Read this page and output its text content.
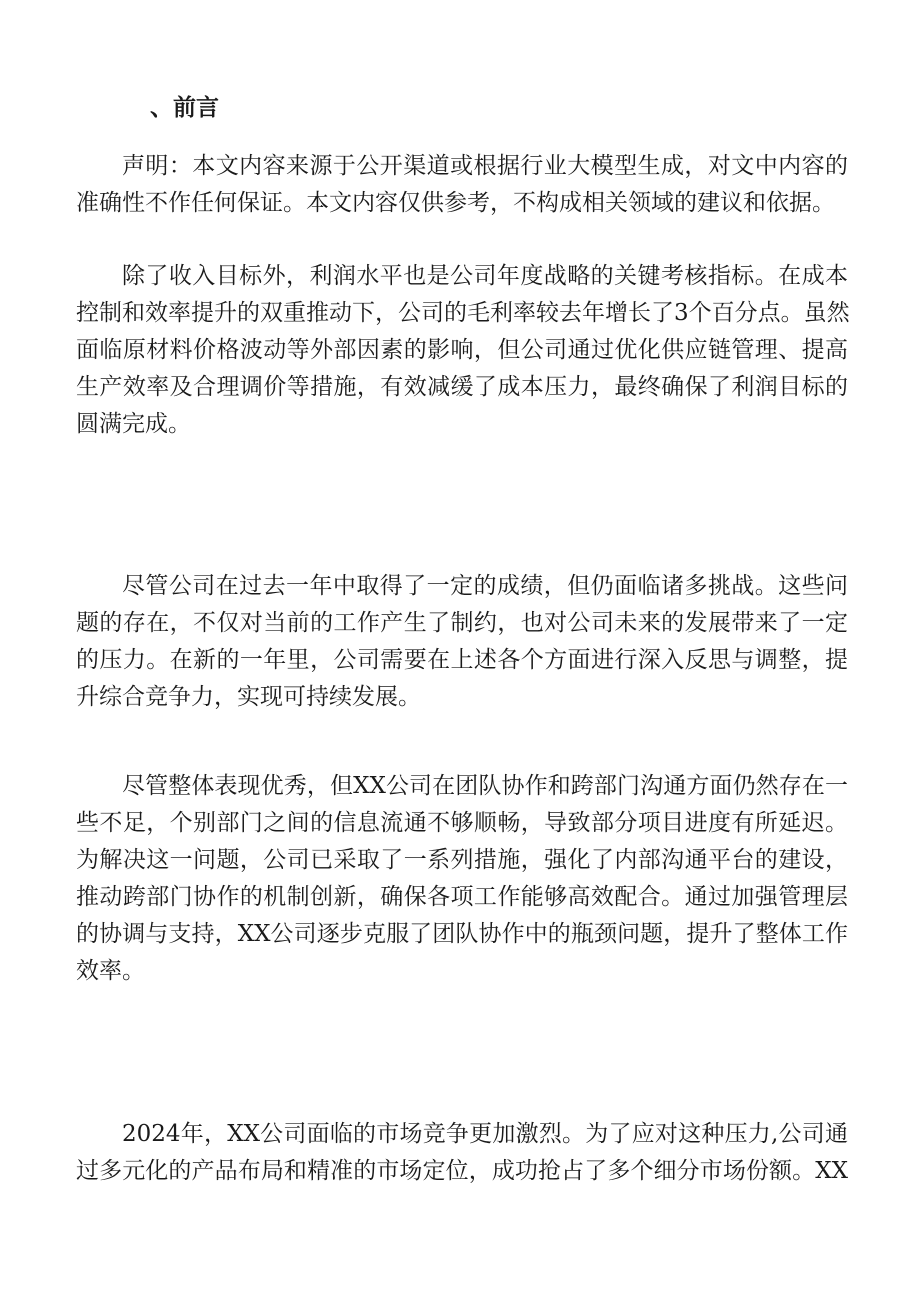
、前言
声明：本文内容来源于公开渠道或根据行业大模型生成，对文中内容的
准确性不作任何保证。本文内容仅供参考，不构成相关领域的建议和依据。
除了收入目标外，利润水平也是公司年度战略的关键考核指标。在成本
控制和效率提升的双重推动下，公司的毛利率较去年增长了3个百分点。虽然
面临原材料价格波动等外部因素的影响，但公司通过优化供应链管理、提高
生产效率及合理调价等措施，有效减缓了成本压力，最终确保了利润目标的
圆满完成。
尽管公司在过去一年中取得了一定的成绩，但仍面临诸多挑战。这些问
题的存在，不仅对当前的工作产生了制约，也对公司未来的发展带来了一定
的压力。在新的一年里，公司需要在上述各个方面进行深入反思与调整，提
升综合竞争力，实现可持续发展。
尽管整体表现优秀，但XX公司在团队协作和跨部门沟通方面仍然存在一
些不足，个别部门之间的信息流通不够顺畅，导致部分项目进度有所延迟。
为解决这一问题，公司已采取了一系列措施，强化了内部沟通平台的建设，
推动跨部门协作的机制创新，确保各项工作能够高效配合。通过加强管理层
的协调与支持，XX公司逐步克服了团队协作中的瓶颈问题，提升了整体工作
效率。
2024年，XX公司面临的市场竞争更加激烈。为了应对这种压力,公司通
过多元化的产品布局和精准的市场定位，成功抢占了多个细分市场份额。XX
